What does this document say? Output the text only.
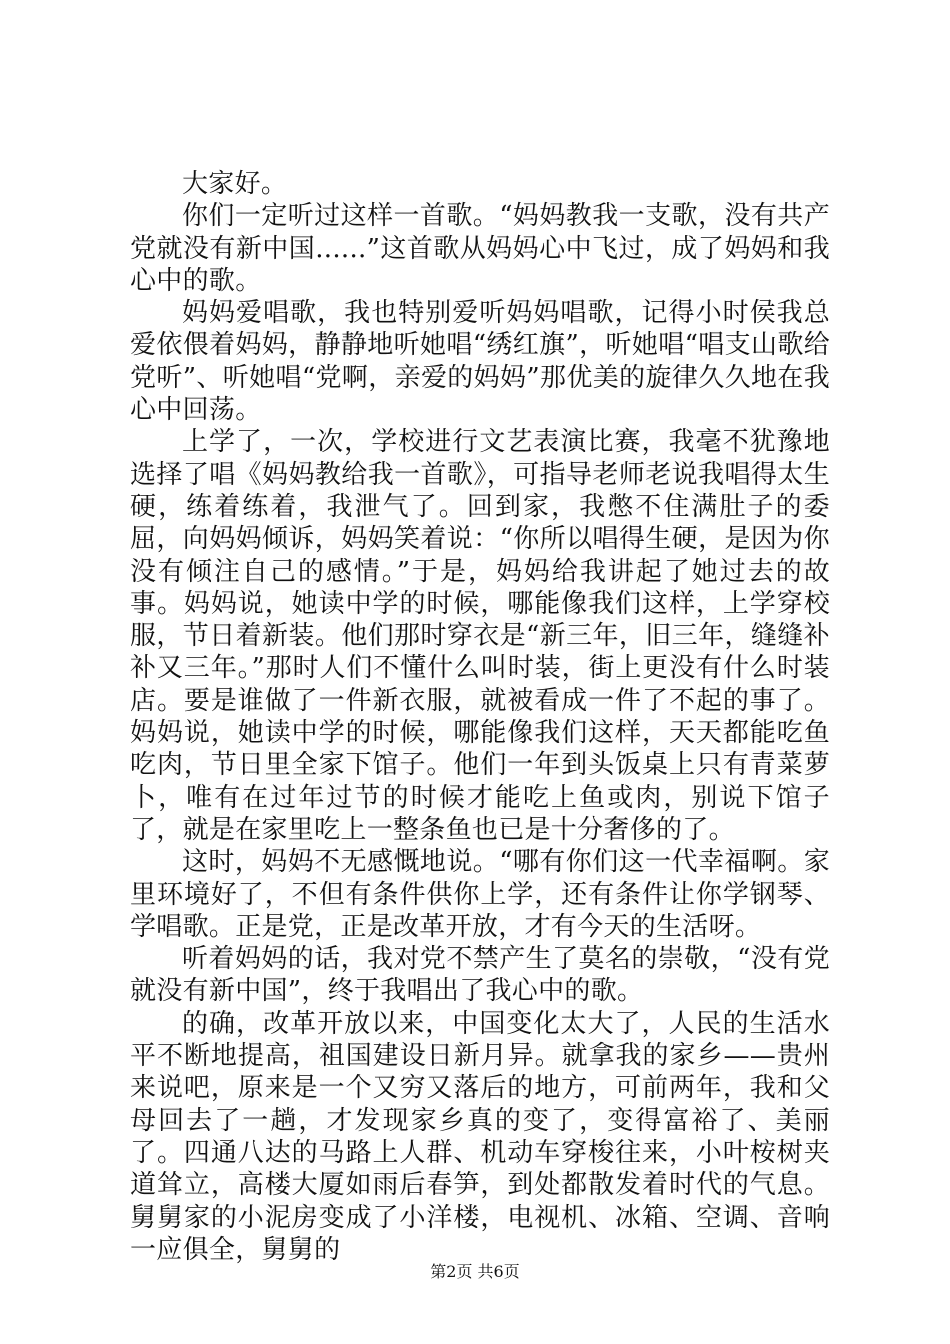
大家好。

你们一定听过这样一首歌。“妈妈教我一支歌，没有共产党就没有新中国......”这首歌从妈妈心中飞过，成了妈妈和我心中的歌。

妈妈爱唱歌，我也特别爱听妈妈唱歌，记得小时侯我总爱依偎着妈妈，静静地听她唱“绣红旗”，听她唱“唱支山歌给党听”、听她唱“党啊，亲爱的妈妈”那优美的旋律久久地在我心中回荡。

上学了，一次，学校进行文艺表演比赛，我毫不犹豫地选择了唱《妈妈教给我一首歌》，可指导老师老说我唱得太生硬，练着练着，我泄气了。回到家，我憋不住满肚子的委屈，向妈妈倾诉，妈妈笑着说：“你所以唱得生硬，是因为你没有倾注自己的感情。”于是，妈妈给我讲起了她过去的故事。妈妈说，她读中学的时候，哪能像我们这样，上学穿校服，节日着新装。他们那时穿衣是“新三年，旧三年，缝缝补补又三年。”那时人们不懂什么叫时装，街上更没有什么时装店。要是谁做了一件新衣服，就被看成一件了不起的事了。妈妈说，她读中学的时候，哪能像我们这样，天天都能吃鱼吃肉，节日里全家下馆子。他们一年到头饭桌上只有青菜萝卜，唯有在过年过节的时候才能吃上鱼或肉，别说下馆子了，就是在家里吃上一整条鱼也已是十分奢侈的了。

这时，妈妈不无感慨地说。“哪有你们这一代幸福啊。家里环境好了，不但有条件供你上学，还有条件让你学钢琴、学唱歌。正是党，正是改革开放，才有今天的生活呀。

听着妈妈的话，我对党不禁产生了莫名的崇敬，“没有党就没有新中国”，终于我唱出了我心中的歌。

的确，改革开放以来，中国变化太大了，人民的生活水平不断地提高，祖国建设日新月异。就拿我的家乡——贵州来说吧，原来是一个又穷又落后的地方，可前两年，我和父母回去了一趟，才发现家乡真的变了，变得富裕了、美丽了。四通八达的马路上人群、机动车穿梭往来，小叶桉树夹道耸立，高楼大厦如雨后春笋，到处都散发着时代的气息。舅舅家的小泥房变成了小洋楼，电视机、冰箱、空调、音响一应俱全，舅舅的

第2页 共6页
